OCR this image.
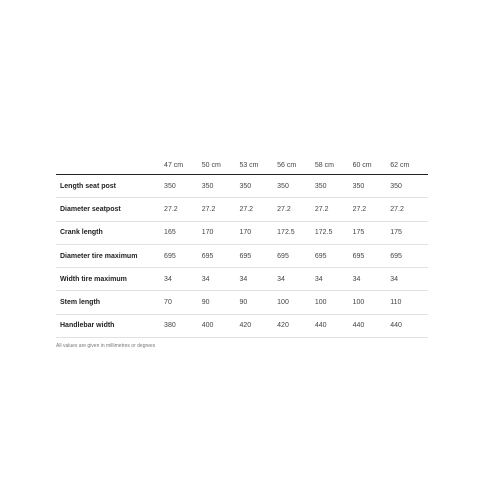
	47 cm	50 cm	53 cm	56 cm	58 cm	60 cm	62 cm
Length seat post	350	350	350	350	350	350	350
Diameter seatpost	27.2	27.2	27.2	27.2	27.2	27.2	27.2
Crank length	165	170	170	172.5	172.5	175	175
Diameter tire maximum	695	695	695	695	695	695	695
Width tire maximum	34	34	34	34	34	34	34
Stem length	70	90	90	100	100	100	110
Handlebar width	380	400	420	420	440	440	440
All values are given in millimetres or degrees
